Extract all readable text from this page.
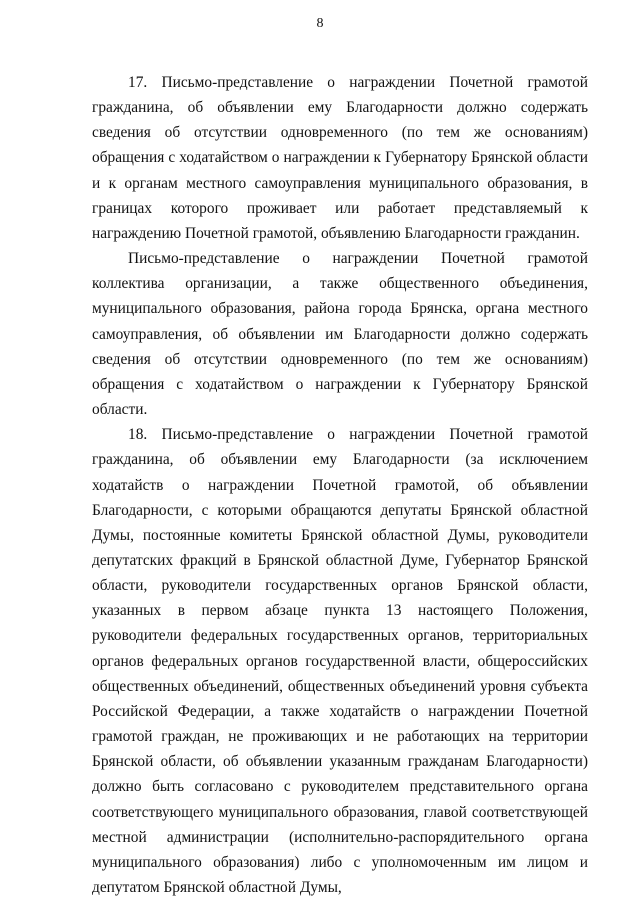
8

17. Письмо-представление о награждении Почетной грамотой гражданина, об объявлении ему Благодарности должно содержать сведения об отсутствии одновременного (по тем же основаниям) обращения с ходатайством о награждении к Губернатору Брянской области и к органам местного самоуправления муниципального образования, в границах которого проживает или работает представляемый к награждению Почетной грамотой, объявлению Благодарности гражданин.

Письмо-представление о награждении Почетной грамотой коллектива организации, а также общественного объединения, муниципального образования, района города Брянска, органа местного самоуправления, об объявлении им Благодарности должно содержать сведения об отсутствии одновременного (по тем же основаниям) обращения с ходатайством о награждении к Губернатору Брянской области.

18. Письмо-представление о награждении Почетной грамотой гражданина, об объявлении ему Благодарности (за исключением ходатайств о награждении Почетной грамотой, об объявлении Благодарности, с которыми обращаются депутаты Брянской областной Думы, постоянные комитеты Брянской областной Думы, руководители депутатских фракций в Брянской областной Думе, Губернатор Брянской области, руководители государственных органов Брянской области, указанных в первом абзаце пункта 13 настоящего Положения, руководители федеральных государственных органов, территориальных органов федеральных органов государственной власти, общероссийских общественных объединений, общественных объединений уровня субъекта Российской Федерации, а также ходатайств о награждении Почетной грамотой граждан, не проживающих и не работающих на территории Брянской области, об объявлении указанным гражданам Благодарности) должно быть согласовано с руководителем представительного органа соответствующего муниципального образования, главой соответствующей местной администрации (исполнительно-распорядительного органа муниципального образования) либо с уполномоченным им лицом и депутатом Брянской областной Думы,
